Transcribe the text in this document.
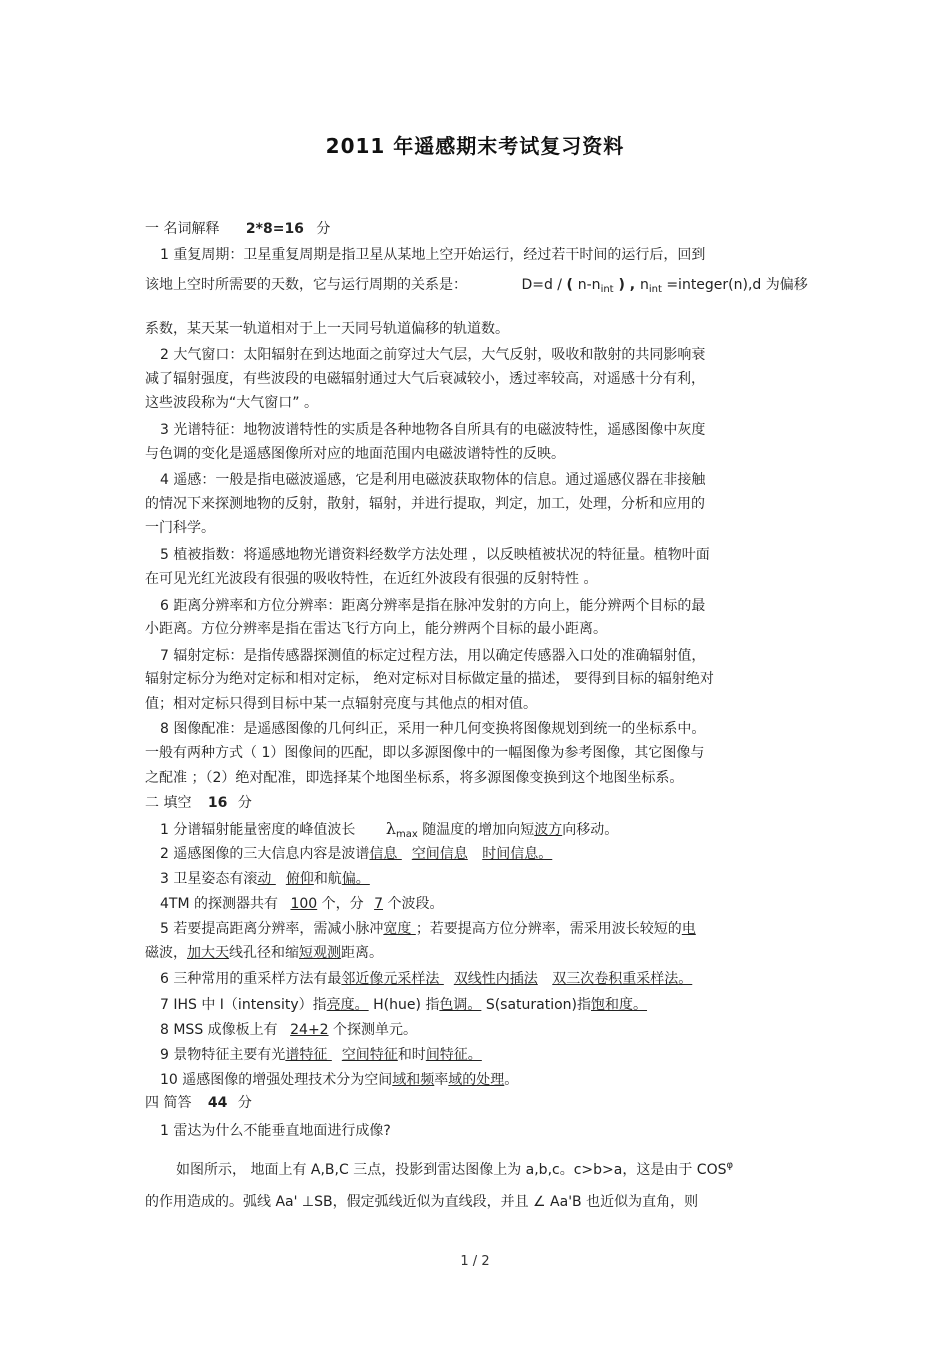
2011 年遥感期末考试复习资料
一 名词解释 2*8=16 分
1 重复周期：卫星重复周期是指卫星从某地上空开始运行，经过若干时间的运行后，回到
该地上空时所需要的天数，它与运行周期的关系是：	D=d / ( $n-n_{int}$ ) , $n_{int}$ =integer(n),d 为偏移
系数，某天某一轨道相对于上一天同号轨道偏移的轨道数。
2 大气窗口：太阳辐射在到达地面之前穿过大气层，大气反射，吸收和散射的共同影响衰
减了辐射强度，有些波段的电磁辐射通过大气后衰减较小，透过率较高，对遥感十分有利，
这些波段称为“大气窗口” 。
3 光谱特征：地物波谱特性的实质是各种地物各自所具有的电磁波特性，遥感图像中灰度
与色调的变化是遥感图像所对应的地面范围内电磁波谱特性的反映。
4 遥感：一般是指电磁波遥感，它是利用电磁波获取物体的信息。通过遥感仪器在非接触
的情况下来探测地物的反射，散射，辐射，并进行提取，判定，加工，处理，分析和应用的
一门科学。
5 植被指数：将遥感地物光谱资料经数学方法处理 ，以反映植被状况的特征量。植物叶面
在可见光红光波段有很强的吸收特性，在近红外波段有很强的反射特性 。
6 距离分辨率和方位分辨率：距离分辨率是指在脉冲发射的方向上，能分辨两个目标的最
小距离。方位分辨率是指在雷达飞行方向上，能分辨两个目标的最小距离。
7 辐射定标：是指传感器探测值的标定过程方法，用以确定传感器入口处的准确辐射值，
辐射定标分为绝对定标和相对定标， 绝对定标对目标做定量的描述， 要得到目标的辐射绝对
值；相对定标只得到目标中某一点辐射亮度与其他点的相对值。
8 图像配准：是遥感图像的几何纠正，采用一种几何变换将图像规划到统一的坐标系中。
一般有两种方式（ 1）图像间的匹配，即以多源图像中的一幅图像为参考图像，其它图像与
之配准 ；（2）绝对配准，即选择某个地图坐标系，将多源图像变换到这个地图坐标系。
二 填空 16 分
1 分谱辐射能量密度的峰值波长 $\lambda_{max}$ 随温度的增加向短波方向移动。
2 遥感图像的三大信息内容是波谱信息 空间信息 时间信息。
3 卫星姿态有滚动 俯仰和航偏。
4TM 的探测器共有 100 个，分 7 个波段。
5 若要提高距离分辨率，需减小脉冲宽度 ；若要提高方位分辨率，需采用波长较短的电
磁波，加大天线孔径和缩短观测距离。
6 三种常用的重采样方法有最邻近像元采样法 双线性内插法 双三次卷积重采样法。
7 IHS 中 I（intensity）指亮度。 H(hue) 指色调。 S(saturation)指饱和度。
8 MSS 成像板上有 24+2 个探测单元。
9 景物特征主要有光谱特征 空间特征和时间特征。
10 遥感图像的增强处理技术分为空间域和频率域的处理。
四 简答 44 分
1 雷达为什么不能垂直地面进行成像?
如图所示， 地面上有 A,B,C 三点，投影到雷达图像上为 a,b,c。c>b>a，这是由于 $COS^\varphi$
的作用造成的。弧线 Aa' ⊥SB，假定弧线近似为直线段，并且 ∠ Aa'B 也近似为直角，则
1 / 2
